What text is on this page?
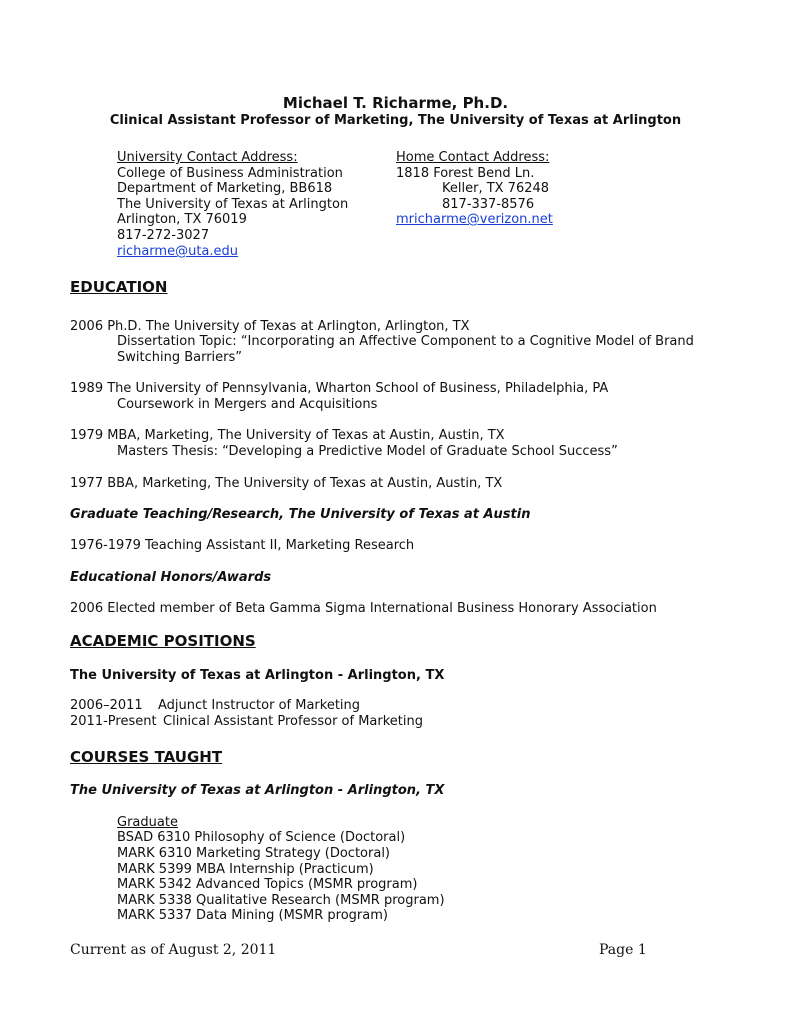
Michael T. Richarme, Ph.D.
Clinical Assistant Professor of Marketing, The University of Texas at Arlington
University Contact Address:
College of Business Administration
Department of Marketing, BB618
The University of Texas at Arlington
Arlington, TX 76019
817-272-3027
richarme@uta.edu
Home Contact Address:
1818 Forest Bend Ln.
Keller, TX 76248
817-337-8576
mricharme@verizon.net
EDUCATION
2006 Ph.D. The University of Texas at Arlington, Arlington, TX
Dissertation Topic: “Incorporating an Affective Component to a Cognitive Model of Brand
Switching Barriers”
1989 The University of Pennsylvania, Wharton School of Business, Philadelphia, PA
Coursework in Mergers and Acquisitions
1979 MBA, Marketing, The University of Texas at Austin, Austin, TX
Masters Thesis: “Developing a Predictive Model of Graduate School Success”
1977 BBA, Marketing, The University of Texas at Austin, Austin, TX
Graduate Teaching/Research, The University of Texas at Austin
1976-1979 Teaching Assistant II, Marketing Research
Educational Honors/Awards
2006 Elected member of Beta Gamma Sigma International Business Honorary Association
ACADEMIC POSITIONS
The University of Texas at Arlington - Arlington, TX
2006–2011 Adjunct Instructor of Marketing
2011-Present Clinical Assistant Professor of Marketing
COURSES TAUGHT
The University of Texas at Arlington - Arlington, TX
Graduate
BSAD 6310 Philosophy of Science (Doctoral)
MARK 6310 Marketing Strategy (Doctoral)
MARK 5399 MBA Internship (Practicum)
MARK 5342 Advanced Topics (MSMR program)
MARK 5338 Qualitative Research (MSMR program)
MARK 5337 Data Mining (MSMR program)
Current as of August 2, 2011	Page 1
